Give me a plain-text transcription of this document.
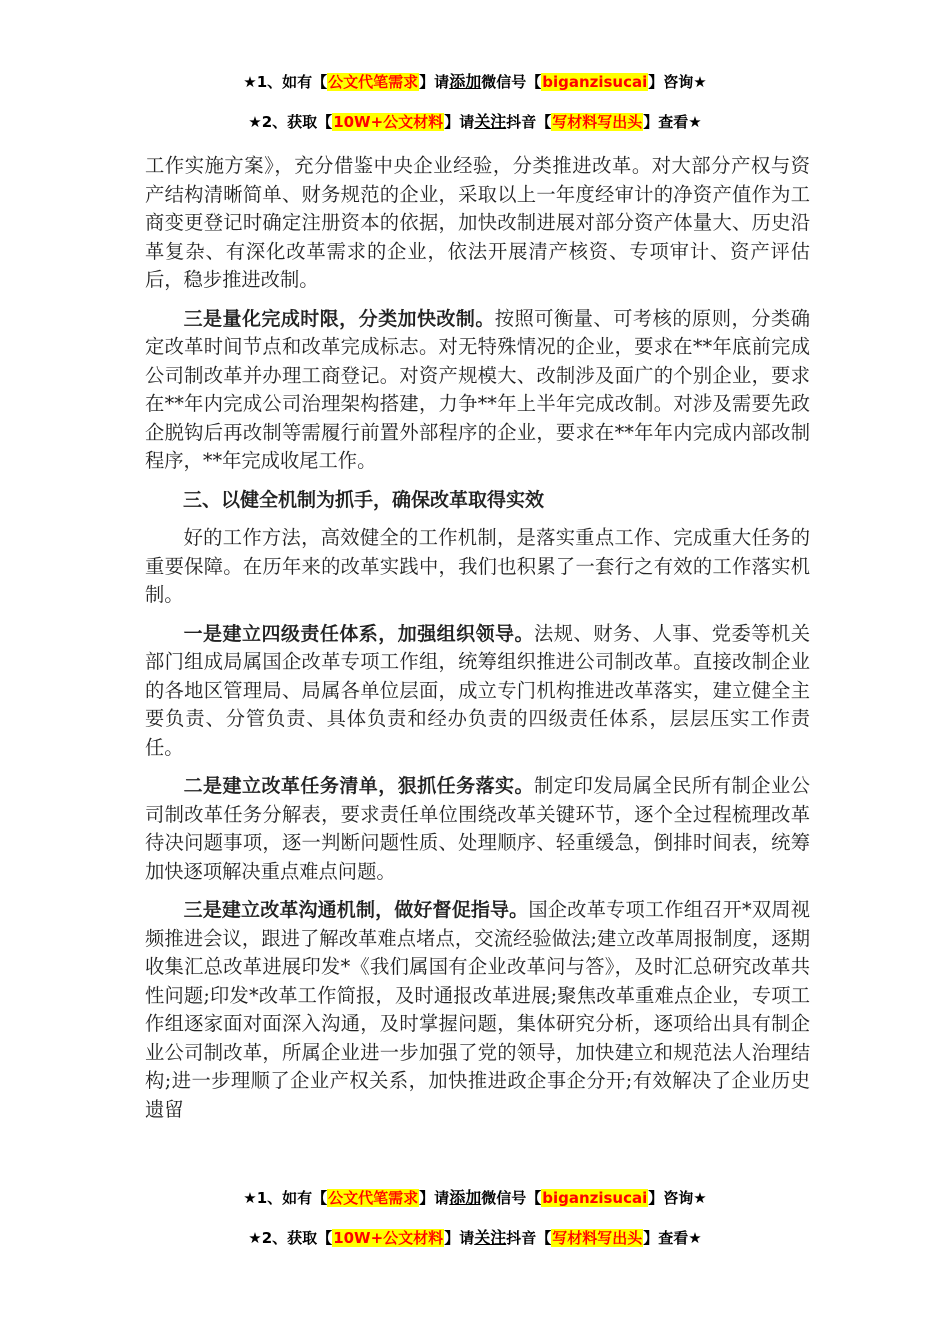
★1、如有【公文代笔需求】请添加微信号【biganzisucai】咨询★
★2、获取【10W+公文材料】请关注抖音【写材料写出头】查看★

工作实施方案》，充分借鉴中央企业经验，分类推进改革。对大部分产权与资产结构清晰简单、财务规范的企业，采取以上一年度经审计的净资产值作为工商变更登记时确定注册资本的依据，加快改制进展对部分资产体量大、历史沿革复杂、有深化改革需求的企业，依法开展清产核资、专项审计、资产评估后，稳步推进改制。

三是量化完成时限，分类加快改制。按照可衡量、可考核的原则，分类确定改革时间节点和改革完成标志。对无特殊情况的企业，要求在**年底前完成公司制改革并办理工商登记。对资产规模大、改制涉及面广的个别企业，要求在**年内完成公司治理架构搭建，力争**年上半年完成改制。对涉及需要先政企脱钩后再改制等需履行前置外部程序的企业，要求在**年年内完成内部改制程序，**年完成收尾工作。

三、以健全机制为抓手，确保改革取得实效

好的工作方法，高效健全的工作机制，是落实重点工作、完成重大任务的重要保障。在历年来的改革实践中，我们也积累了一套行之有效的工作落实机制。

一是建立四级责任体系，加强组织领导。法规、财务、人事、党委等机关部门组成局属国企改革专项工作组，统筹组织推进公司制改革。直接改制企业的各地区管理局、局属各单位层面，成立专门机构推进改革落实，建立健全主要负责、分管负责、具体负责和经办负责的四级责任体系，层层压实工作责任。

二是建立改革任务清单，狠抓任务落实。制定印发局属全民所有制企业公司制改革任务分解表，要求责任单位围绕改革关键环节，逐个全过程梳理改革待决问题事项，逐一判断问题性质、处理顺序、轻重缓急，倒排时间表，统筹加快逐项解决重点难点问题。

三是建立改革沟通机制，做好督促指导。国企改革专项工作组召开*双周视频推进会议，跟进了解改革难点堵点，交流经验做法;建立改革周报制度，逐期收集汇总改革进展印发*《我们属国有企业改革问与答》，及时汇总研究改革共性问题;印发*改革工作简报，及时通报改革进展;聚焦改革重难点企业，专项工作组逐家面对面深入沟通，及时掌握问题，集体研究分析，逐项给出具有制企业公司制改革，所属企业进一步加强了党的领导，加快建立和规范法人治理结构;进一步理顺了企业产权关系，加快推进政企事企分开;有效解决了企业历史遗留

★1、如有【公文代笔需求】请添加微信号【biganzisucai】咨询★
★2、获取【10W+公文材料】请关注抖音【写材料写出头】查看★
